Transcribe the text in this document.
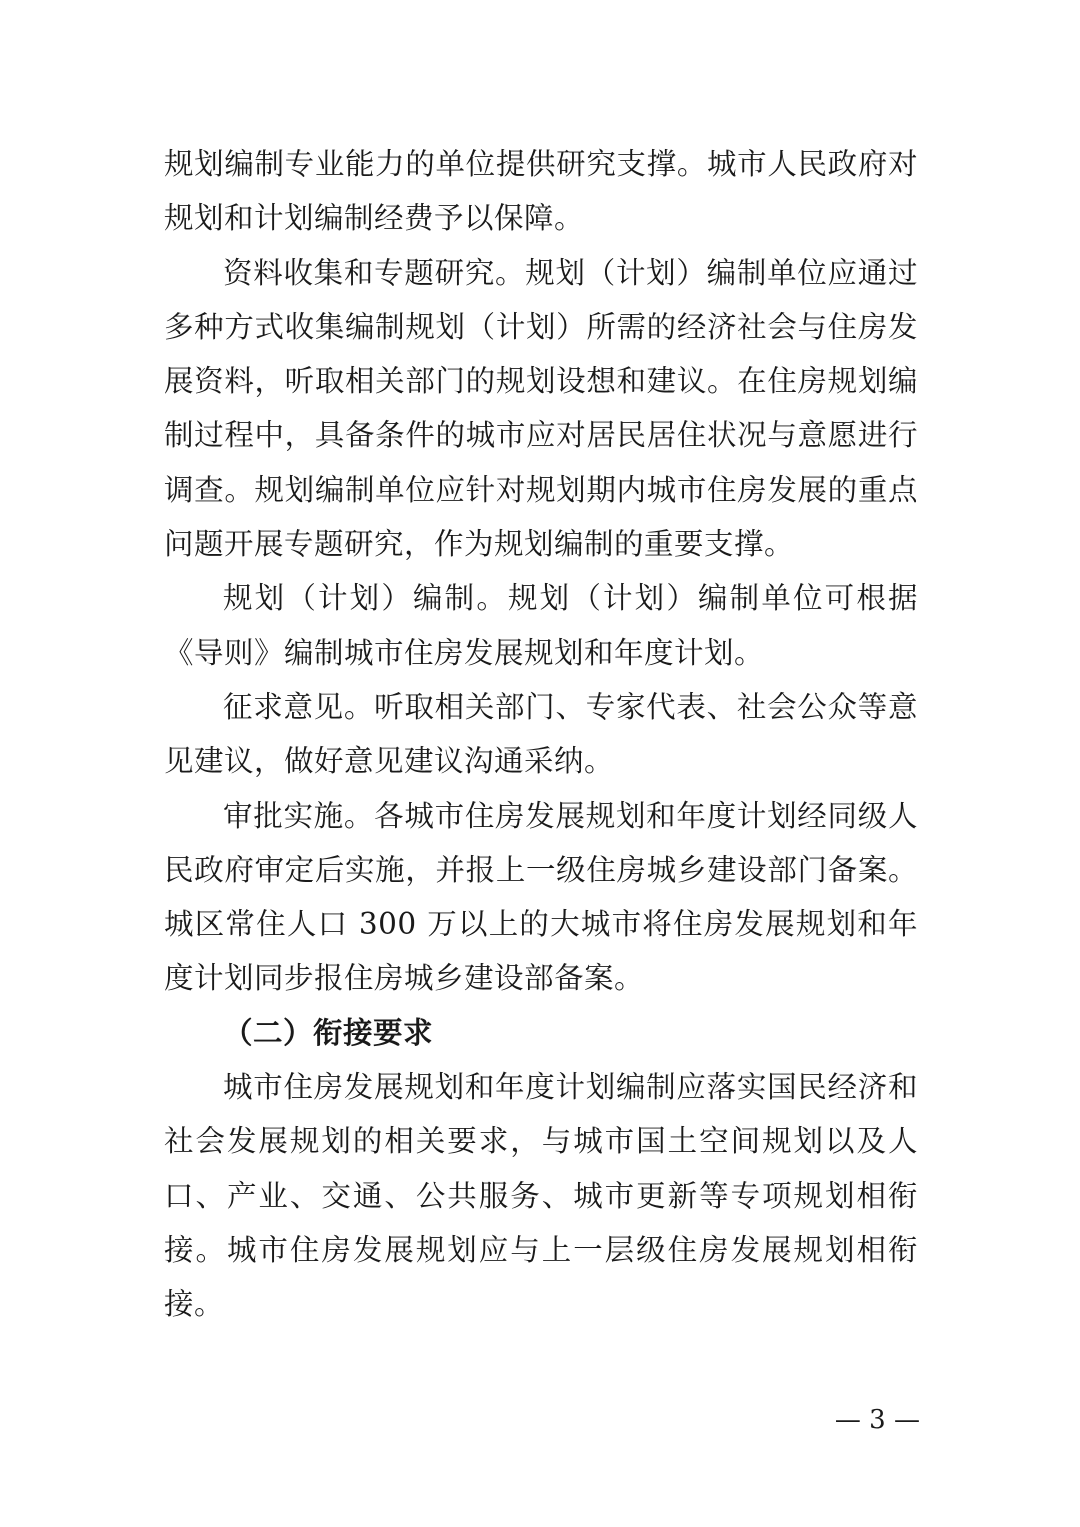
规划编制专业能力的单位提供研究支撑。城市人民政府对规划和计划编制经费予以保障。

资料收集和专题研究。规划（计划）编制单位应通过多种方式收集编制规划（计划）所需的经济社会与住房发展资料，听取相关部门的规划设想和建议。在住房规划编制过程中，具备条件的城市应对居民居住状况与意愿进行调查。规划编制单位应针对规划期内城市住房发展的重点问题开展专题研究，作为规划编制的重要支撑。

规划（计划）编制。规划（计划）编制单位可根据《导则》编制城市住房发展规划和年度计划。

征求意见。听取相关部门、专家代表、社会公众等意见建议，做好意见建议沟通采纳。

审批实施。各城市住房发展规划和年度计划经同级人民政府审定后实施，并报上一级住房城乡建设部门备案。城区常住人口 300 万以上的大城市将住房发展规划和年度计划同步报住房城乡建设部备案。

（二）衔接要求

城市住房发展规划和年度计划编制应落实国民经济和社会发展规划的相关要求，与城市国土空间规划以及人口、产业、交通、公共服务、城市更新等专项规划相衔接。城市住房发展规划应与上一层级住房发展规划相衔接。

— 3 —
